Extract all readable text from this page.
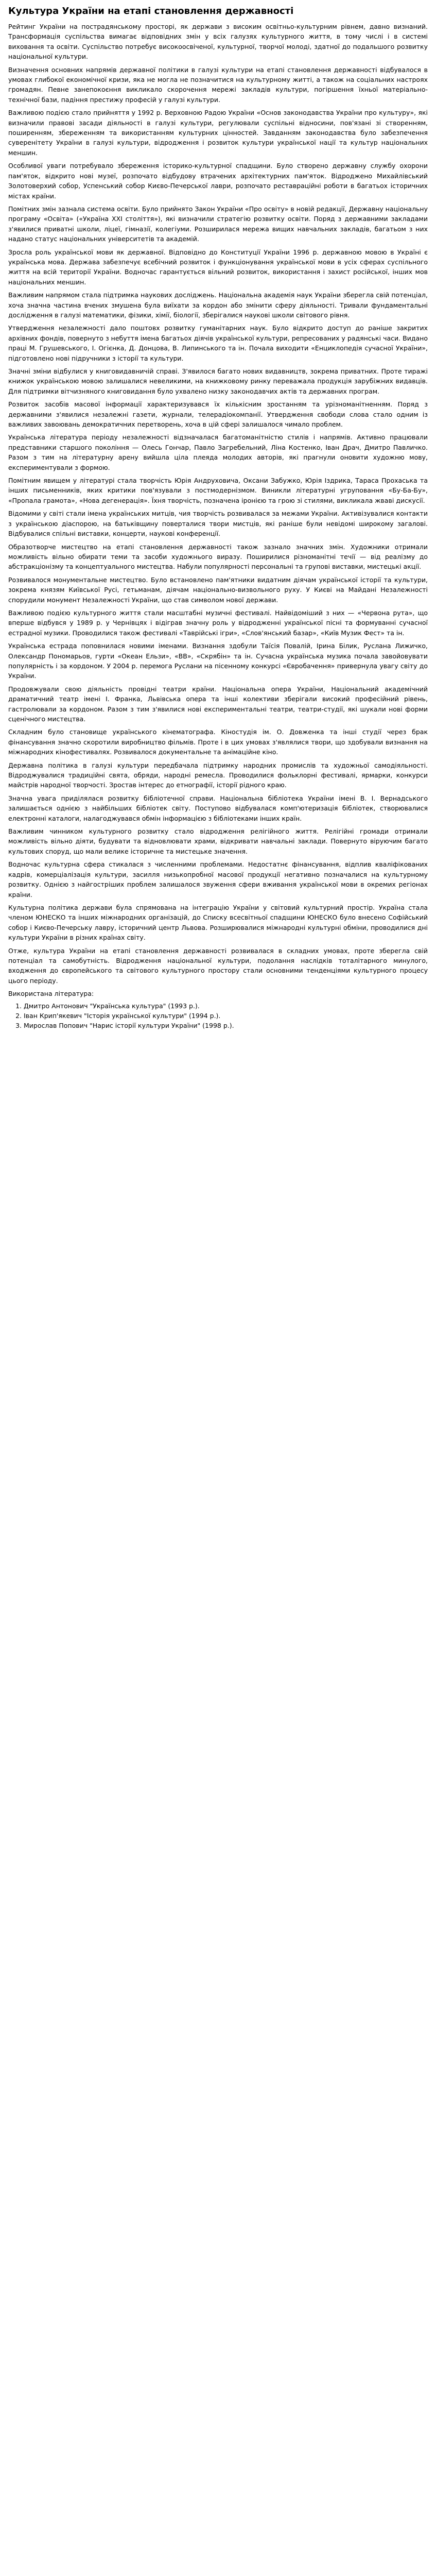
Культура України на етапі становлення державності

Рейтинг України на пострадянському просторі, як держави з високим освітньо-культурним рівнем, давно визнаний. Трансформація суспільства вимагає відповідних змін у всіх галузях культурного життя, в тому числі і в системі виховання та освіти. Суспільство потребує високоосвіченої, культурної, творчої молоді, здатної до подальшого розвитку національної культури.

Визначення основних напрямів державної політики в галузі культури на етапі становлення державності відбувалося в умовах глибокої економічної кризи, яка не могла не позначитися на культурному житті, а також на соціальних настроях громадян. Певне занепокоєння викликало скорочення мережі закладів культури, погіршення їхньої матеріально-технічної бази, падіння престижу професій у галузі культури.

Важливою подією стало прийняття у 1992 р. Верховною Радою України «Основ законодавства України про культуру», які визначили правові засади діяльності в галузі культури, регулювали суспільні відносини, пов'язані зі створенням, поширенням, збереженням та використанням культурних цінностей. Завданням законодавства було забезпечення суверенітету України в галузі культури, відродження і розвиток культури української нації та культур національних меншин.

Особливої уваги потребувало збереження історико-культурної спадщини. Було створено державну службу охорони пам'яток, відкрито нові музеї, розпочато відбудову втрачених архітектурних пам'яток. Відроджено Михайлівський Золотоверхий собор, Успенський собор Києво-Печерської лаври, розпочато реставраційні роботи в багатьох історичних містах країни.

Помітних змін зазнала система освіти. Було прийнято Закон України «Про освіту» в новій редакції, Державну національну програму «Освіта» («Україна XXI століття»), які визначили стратегію розвитку освіти. Поряд з державними закладами з'явилися приватні школи, ліцеї, гімназії, колегіуми. Розширилася мережа вищих навчальних закладів, багатьом з них надано статус національних університетів та академій.

Зросла роль української мови як державної. Відповідно до Конституції України 1996 р. державною мовою в Україні є українська мова. Держава забезпечує всебічний розвиток і функціонування української мови в усіх сферах суспільного життя на всій території України. Водночас гарантується вільний розвиток, використання і захист російської, інших мов національних меншин.

Важливим напрямом стала підтримка наукових досліджень. Національна академія наук України зберегла свій потенціал, хоча значна частина вчених змушена була виїхати за кордон або змінити сферу діяльності. Тривали фундаментальні дослідження в галузі математики, фізики, хімії, біології, зберігалися наукові школи світового рівня.

Утвердження незалежності дало поштовх розвитку гуманітарних наук. Було відкрито доступ до раніше закритих архівних фондів, повернуто з небуття імена багатьох діячів української культури, репресованих у радянські часи. Видано праці М. Грушевського, І. Огієнка, Д. Донцова, В. Липинського та ін. Почала виходити «Енциклопедія сучасної України», підготовлено нові підручники з історії та культури.

Значні зміни відбулися у книговидавничій справі. З'явилося багато нових видавництв, зокрема приватних. Проте тиражі книжок українською мовою залишалися невеликими, на книжковому ринку переважала продукція зарубіжних видавців. Для підтримки вітчизняного книговидання було ухвалено низку законодавчих актів та державних програм.

Розвиток засобів масової інформації характеризувався їх кількісним зростанням та урізноманітненням. Поряд з державними з'явилися незалежні газети, журнали, телерадіокомпанії. Утвердження свободи слова стало одним із важливих завоювань демократичних перетворень, хоча в цій сфері залишалося чимало проблем.

Українська література періоду незалежності відзначалася багатоманітністю стилів і напрямів. Активно працювали представники старшого покоління — Олесь Гончар, Павло Загребельний, Ліна Костенко, Іван Драч, Дмитро Павличко. Разом з тим на літературну арену вийшла ціла плеяда молодих авторів, які прагнули оновити художню мову, експериментували з формою.

Помітним явищем у літературі стала творчість Юрія Андруховича, Оксани Забужко, Юрія Іздрика, Тараса Прохаська та інших письменників, яких критики пов'язували з постмодернізмом. Виникли літературні угруповання «Бу-Ба-Бу», «Пропала грамота», «Нова дегенерація». Їхня творчість, позначена іронією та грою зі стилями, викликала жваві дискусії.

Відомими у світі стали імена українських митців, чия творчість розвивалася за межами України. Активізувалися контакти з українською діаспорою, на батьківщину поверталися твори мистців, які раніше були невідомі широкому загалові. Відбувалися спільні виставки, концерти, наукові конференції.

Образотворче мистецтво на етапі становлення державності також зазнало значних змін. Художники отримали можливість вільно обирати теми та засоби художнього виразу. Поширилися різноманітні течії — від реалізму до абстракціонізму та концептуального мистецтва. Набули популярності персональні та групові виставки, мистецькі акції.

Розвивалося монументальне мистецтво. Було встановлено пам'ятники видатним діячам української історії та культури, зокрема князям Київської Русі, гетьманам, діячам національно-визвольного руху. У Києві на Майдані Незалежності спорудили монумент Незалежності України, що став символом нової держави.

Важливою подією культурного життя стали масштабні музичні фестивалі. Найвідоміший з них — «Червона рута», що вперше відбувся у 1989 р. у Чернівцях і відіграв значну роль у відродженні української пісні та формуванні сучасної естрадної музики. Проводилися також фестивалі «Таврійські ігри», «Слов'янський базар», «Київ Музик Фест» та ін.

Українська естрада поповнилася новими іменами. Визнання здобули Таїсія Повалій, Ірина Білик, Руслана Лижичко, Олександр Пономарьов, гурти «Океан Ельзи», «ВВ», «Скрябін» та ін. Сучасна українська музика почала завойовувати популярність і за кордоном. У 2004 р. перемога Руслани на пісенному конкурсі «Євробачення» привернула увагу світу до України.

Продовжували свою діяльність провідні театри країни. Національна опера України, Національний академічний драматичний театр імені І. Франка, Львівська опера та інші колективи зберігали високий професійний рівень, гастролювали за кордоном. Разом з тим з'явилися нові експериментальні театри, театри-студії, які шукали нові форми сценічного мистецтва.

Складним було становище українського кінематографа. Кіностудія ім. О. Довженка та інші студії через брак фінансування значно скоротили виробництво фільмів. Проте і в цих умовах з'являлися твори, що здобували визнання на міжнародних кінофестивалях. Розвивалося документальне та анімаційне кіно.

Державна політика в галузі культури передбачала підтримку народних промислів та художньої самодіяльності. Відроджувалися традиційні свята, обряди, народні ремесла. Проводилися фольклорні фестивалі, ярмарки, конкурси майстрів народної творчості. Зростав інтерес до етнографії, історії рідного краю.

Значна увага приділялася розвитку бібліотечної справи. Національна бібліотека України імені В. І. Вернадського залишається однією з найбільших бібліотек світу. Поступово відбувалася комп'ютеризація бібліотек, створювалися електронні каталоги, налагоджувався обмін інформацією з бібліотеками інших країн.

Важливим чинником культурного розвитку стало відродження релігійного життя. Релігійні громади отримали можливість вільно діяти, будувати та відновлювати храми, відкривати навчальні заклади. Повернуто віруючим багато культових споруд, що мали велике історичне та мистецьке значення.

Водночас культурна сфера стикалася з численними проблемами. Недостатнє фінансування, відплив кваліфікованих кадрів, комерціалізація культури, засилля низькопробної масової продукції негативно позначалися на культурному розвитку. Однією з найгостріших проблем залишалося звуження сфери вживання української мови в окремих регіонах країни.

Культурна політика держави була спрямована на інтеграцію України у світовий культурний простір. Україна стала членом ЮНЕСКО та інших міжнародних організацій, до Списку всесвітньої спадщини ЮНЕСКО було внесено Софійський собор і Києво-Печерську лавру, історичний центр Львова. Розширювалися міжнародні культурні обміни, проводилися дні культури України в різних країнах світу.

Отже, культура України на етапі становлення державності розвивалася в складних умовах, проте зберегла свій потенціал та самобутність. Відродження національної культури, подолання наслідків тоталітарного минулого, входження до європейського та світового культурного простору стали основними тенденціями культурного процесу цього періоду.

Використана література:

1. Дмитро Антонович "Українська культура" (1993 р.).
2. Іван Крип'якевич "Історія української культури" (1994 р.).
3. Мирослав Попович "Нарис історії культури України" (1998 р.).
